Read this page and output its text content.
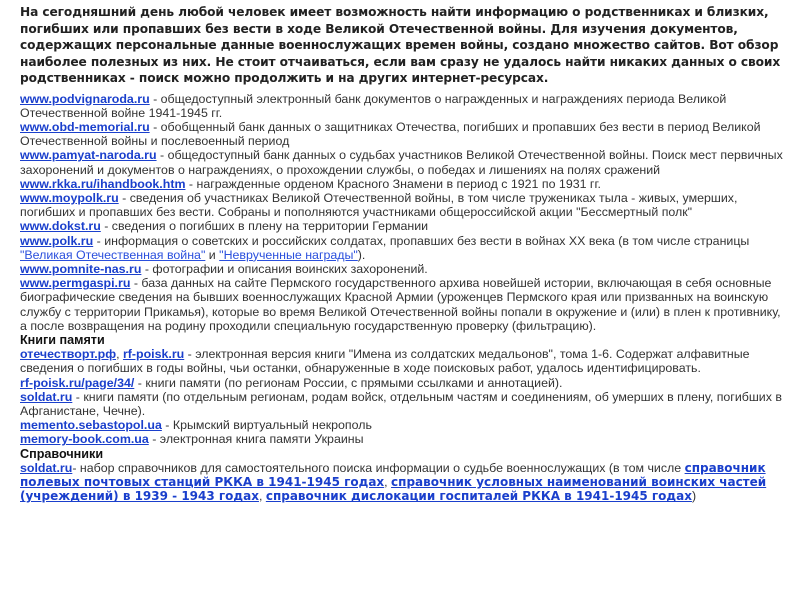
На сегодняшний день любой человек имеет возможность найти информацию о родственниках и близких, погибших или пропавших без вести в ходе Великой Отечественной войны. Для изучения документов, содержащих персональные данные военнослужащих времен войны, создано множество сайтов. Вот обзор наиболее полезных из них. Не стоит отчаиваться, если вам сразу не удалось найти никаких данных о своих родственниках - поиск можно продолжить и на других интернет-ресурсах.

www.podvignaroda.ru - общедоступный электронный банк документов о награжденных и награждениях периода Великой Отечественной войне 1941-1945 гг.
www.obd-memorial.ru - обобщенный банк данных о защитниках Отечества, погибших и пропавших без вести в период Великой Отечественной войны и послевоенный период
www.pamyat-naroda.ru - общедоступный банк данных о судьбах участников Великой Отечественной войны. Поиск мест первичных захоронений и документов о награждениях, о прохождении службы, о победах и лишениях на полях сражений
www.rkka.ru/ihandbook.htm - награжденные орденом Красного Знамени в период с 1921 по 1931 гг.
www.moypolk.ru - сведения об участниках Великой Отечественной войны, в том числе тружениках тыла - живых, умерших, погибших и пропавших без вести. Собраны и пополняются участниками общероссийской акции "Бессмертный полк"
www.dokst.ru - сведения о погибших в плену на территории Германии
www.polk.ru - информация о советских и российских солдатах, пропавших без вести в войнах XX века (в том числе страницы "Великая Отечественная война" и "Неврученные награды").
www.pomnite-nas.ru - фотографии и описания воинских захоронений.
www.permgaspi.ru - база данных на сайте Пермского государственного архива новейшей истории, включающая в себя основные биографические сведения на бывших военнослужащих Красной Армии (уроженцев Пермского края или призванных на воинскую службу с территории Прикамья), которые во время Великой Отечественной войны попали в окружение и (или) в плен к противнику, а после возвращения на родину проходили специальную государственную проверку (фильтрацию).
Книги памяти
отечестворт.рф, rf-poisk.ru - электронная версия книги "Имена из солдатских медальонов", тома 1-6. Содержат алфавитные сведения о погибших в годы войны, чьи останки, обнаруженные в ходе поисковых работ, удалось идентифицировать.
rf-poisk.ru/page/34/ - книги памяти (по регионам России, с прямыми ссылками и аннотацией).
soldat.ru - книги памяти (по отдельным регионам, родам войск, отдельным частям и соединениям, об умерших в плену, погибших в Афганистане, Чечне).
memento.sebastopol.ua - Крымский виртуальный некрополь
memory-book.com.ua - электронная книга памяти Украины
Справочники
soldat.ru- набор справочников для самостоятельного поиска информации о судьбе военнослужащих (в том числе справочник полевых почтовых станций РККА в 1941-1945 годах, справочник условных наименований воинских частей (учреждений) в 1939 - 1943 годах, справочник дислокации госпиталей РККА в 1941-1945 годах)
